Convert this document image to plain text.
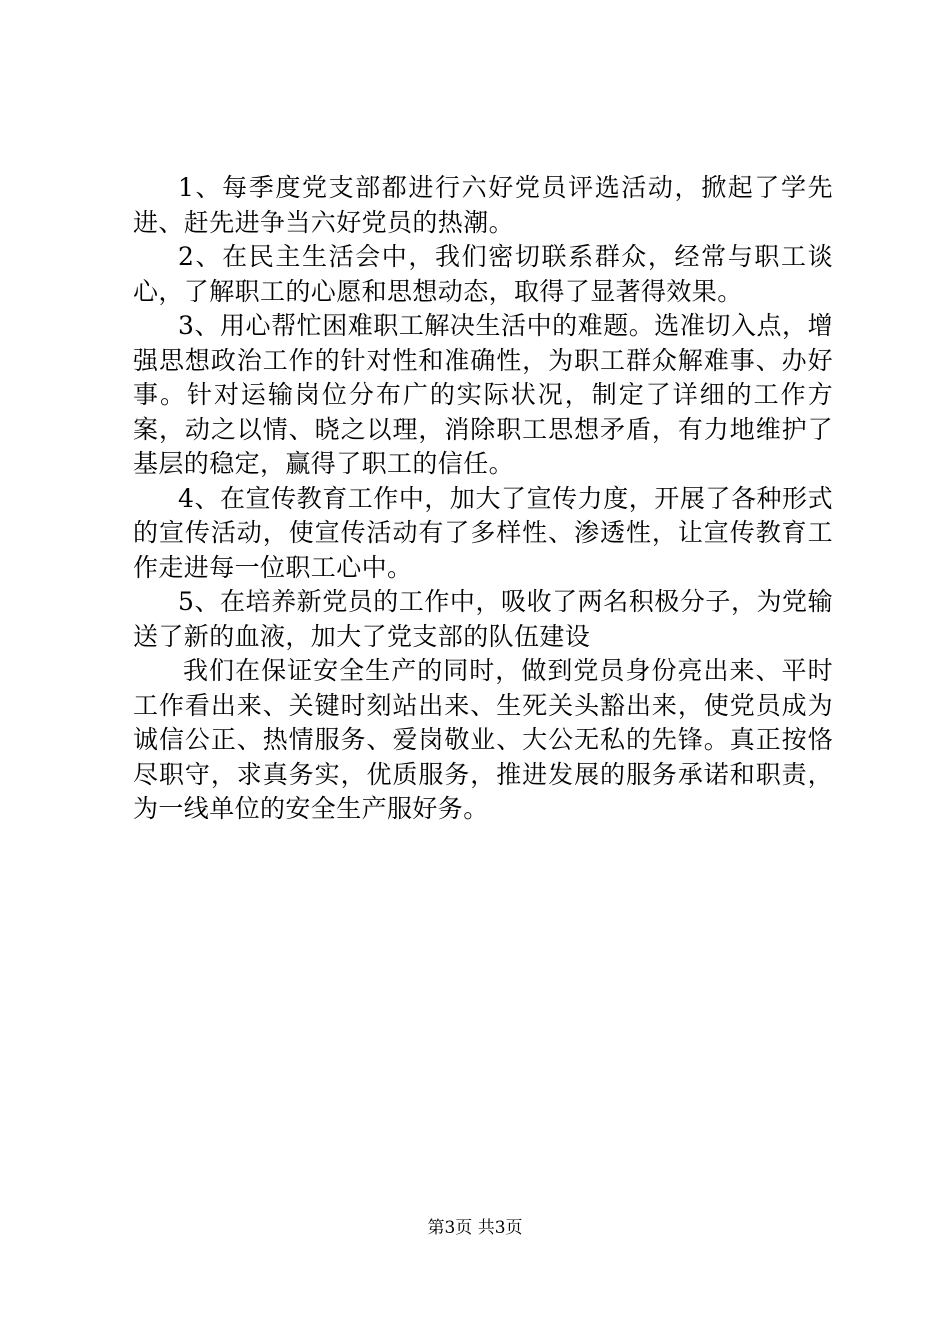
1、每季度党支部都进行六好党员评选活动，掀起了学先进、赶先进争当六好党员的热潮。

2、在民主生活会中，我们密切联系群众，经常与职工谈心，了解职工的心愿和思想动态，取得了显著得效果。

3、用心帮忙困难职工解决生活中的难题。选准切入点，增强思想政治工作的针对性和准确性，为职工群众解难事、办好事。针对运输岗位分布广的实际状况，制定了详细的工作方案，动之以情、晓之以理，消除职工思想矛盾，有力地维护了基层的稳定，赢得了职工的信任。

4、在宣传教育工作中，加大了宣传力度，开展了各种形式的宣传活动，使宣传活动有了多样性、渗透性，让宣传教育工作走进每一位职工心中。

5、在培养新党员的工作中，吸收了两名积极分子，为党输送了新的血液，加大了党支部的队伍建设

我们在保证安全生产的同时，做到党员身份亮出来、平时工作看出来、关键时刻站出来、生死关头豁出来，使党员成为诚信公正、热情服务、爱岗敬业、大公无私的先锋。真正按恪尽职守，求真务实，优质服务，推进发展的服务承诺和职责，为一线单位的安全生产服好务。

第3页 共3页
